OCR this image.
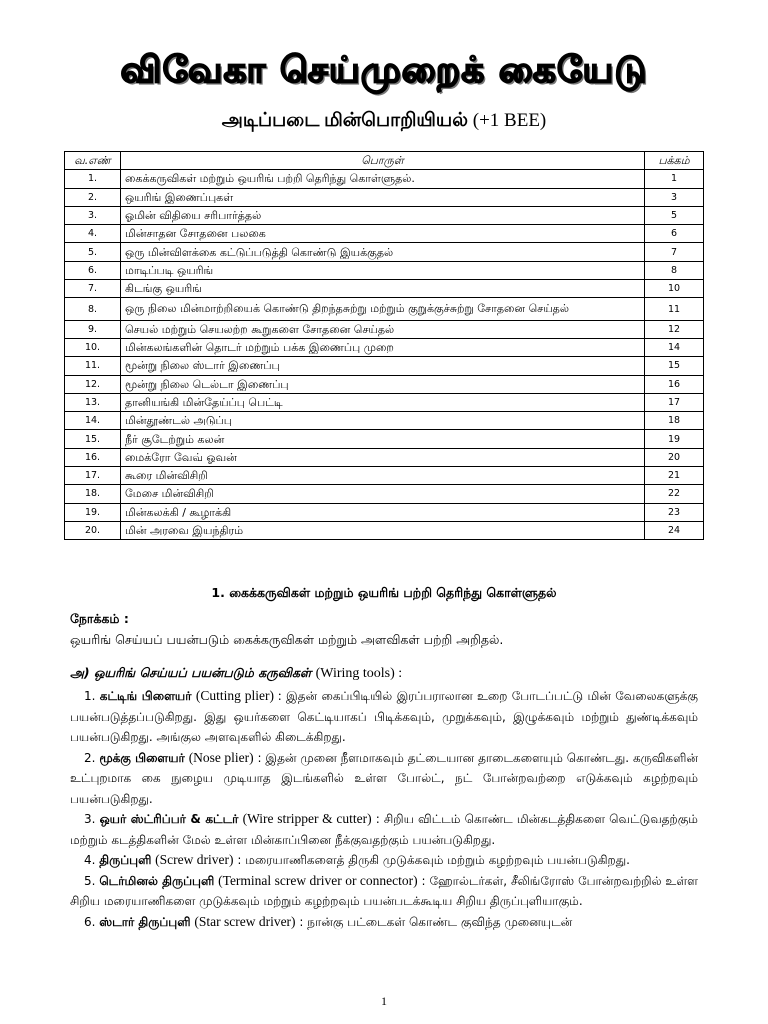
விவேகா செய்முறைக் கையேடு
அடிப்படை மின்பொறியியல் (+1 BEE)
வ.எண்	பொருள்	பக்கம்
1.	கைக்கருவிகள் மற்றும் ஒயரிங் பற்றி தெரிந்து கொள்ளுதல்.	1
2.	ஒயரிங் இணைப்புகள்	3
3.	ஓமின் விதியை சரிபார்த்தல்	5
4.	மின்சாதன சோதனை பலகை	6
5.	ஒரு மின்விளக்கை கட்டுப்படுத்தி கொண்டு இயக்குதல்	7
6.	மாடிப்படி ஒயரிங்	8
7.	கிடங்கு ஒயரிங்	10
8.	ஒரு நிலை மின்மாற்றியைக் கொண்டு திறந்தசுற்று மற்றும் குறுக்குச்சுற்று சோதனை செய்தல்	11
9.	செயல் மற்றும் செயலற்ற கூறுகளை சோதனை செய்தல்	12
10.	மின்கலங்களின் தொடர் மற்றும் பக்க இணைப்பு முறை	14
11.	மூன்று நிலை ஸ்டார் இணைப்பு	15
12.	மூன்று நிலை டெல்டா இணைப்பு	16
13.	தானியங்கி மின்தேய்ப்பு பெட்டி	17
14.	மின்தூண்டல் அடுப்பு	18
15.	நீர் சூடேற்றும் கலன்	19
16.	மைக்ரோ வேவ் ஓவன்	20
17.	கூரை மின்விசிறி	21
18.	மேசை மின்விசிறி	22
19.	மின்கலக்கி / கூழாக்கி	23
20.	மின் அரவை இயந்திரம்	24
1. கைக்கருவிகள் மற்றும் ஒயரிங் பற்றி தெரிந்து கொள்ளுதல்
நோக்கம் :
ஒயரிங் செய்யப் பயன்படும் கைக்கருவிகள் மற்றும் அளவிகள் பற்றி அறிதல்.
அ) ஒயரிங் செய்யப் பயன்படும் கருவிகள் (Wiring tools) :

1. கட்டிங் பிளையர் (Cutting plier) : இதன் கைப்பிடியில் இரப்பராலான உறை போடப்பட்டு மின் வேலைகளுக்கு பயன்படுத்தப்படுகிறது. இது ஒயர்களை கெட்டியாகப் பிடிக்கவும், முறுக்கவும், இழுக்கவும் மற்றும் துண்டிக்கவும் பயன்படுகிறது. அங்குல அளவுகளில் கிடைக்கிறது.

2. மூக்கு பிளையர் (Nose plier) : இதன் முனை நீளமாகவும் தட்டையான தாடைகளையும் கொண்டது. கருவிகளின் உட்புறமாக கை நுழைய முடியாத இடங்களில் உள்ள போல்ட், நட் போன்றவற்றை எடுக்கவும் கழற்றவும் பயன்படுகிறது.

3. ஒயர் ஸ்ட்ரிப்பர் & கட்டர் (Wire stripper & cutter) : சிறிய விட்டம் கொண்ட மின்கடத்திகளை வெட்டுவதற்கும் மற்றும் கடத்திகளின் மேல் உள்ள மின்காப்பினை நீக்குவதற்கும் பயன்படுகிறது.

4. திருப்புளி (Screw driver) : மரையாணிகளைத் திருகி முடுக்கவும் மற்றும் கழற்றவும் பயன்படுகிறது.

5. டெர்மினல் திருப்புளி (Terminal screw driver or connector) : ஹோல்டர்கள், சீலிங்ரோஸ் போன்றவற்றில் உள்ள சிறிய மரையாணிகளை முடுக்கவும் மற்றும் கழற்றவும் பயன்படக்கூடிய சிறிய திருப்புளியாகும்.

6. ஸ்டார் திருப்புளி (Star screw driver) : நான்கு பட்டைகள் கொண்ட குவிந்த முனையுடன்

1
